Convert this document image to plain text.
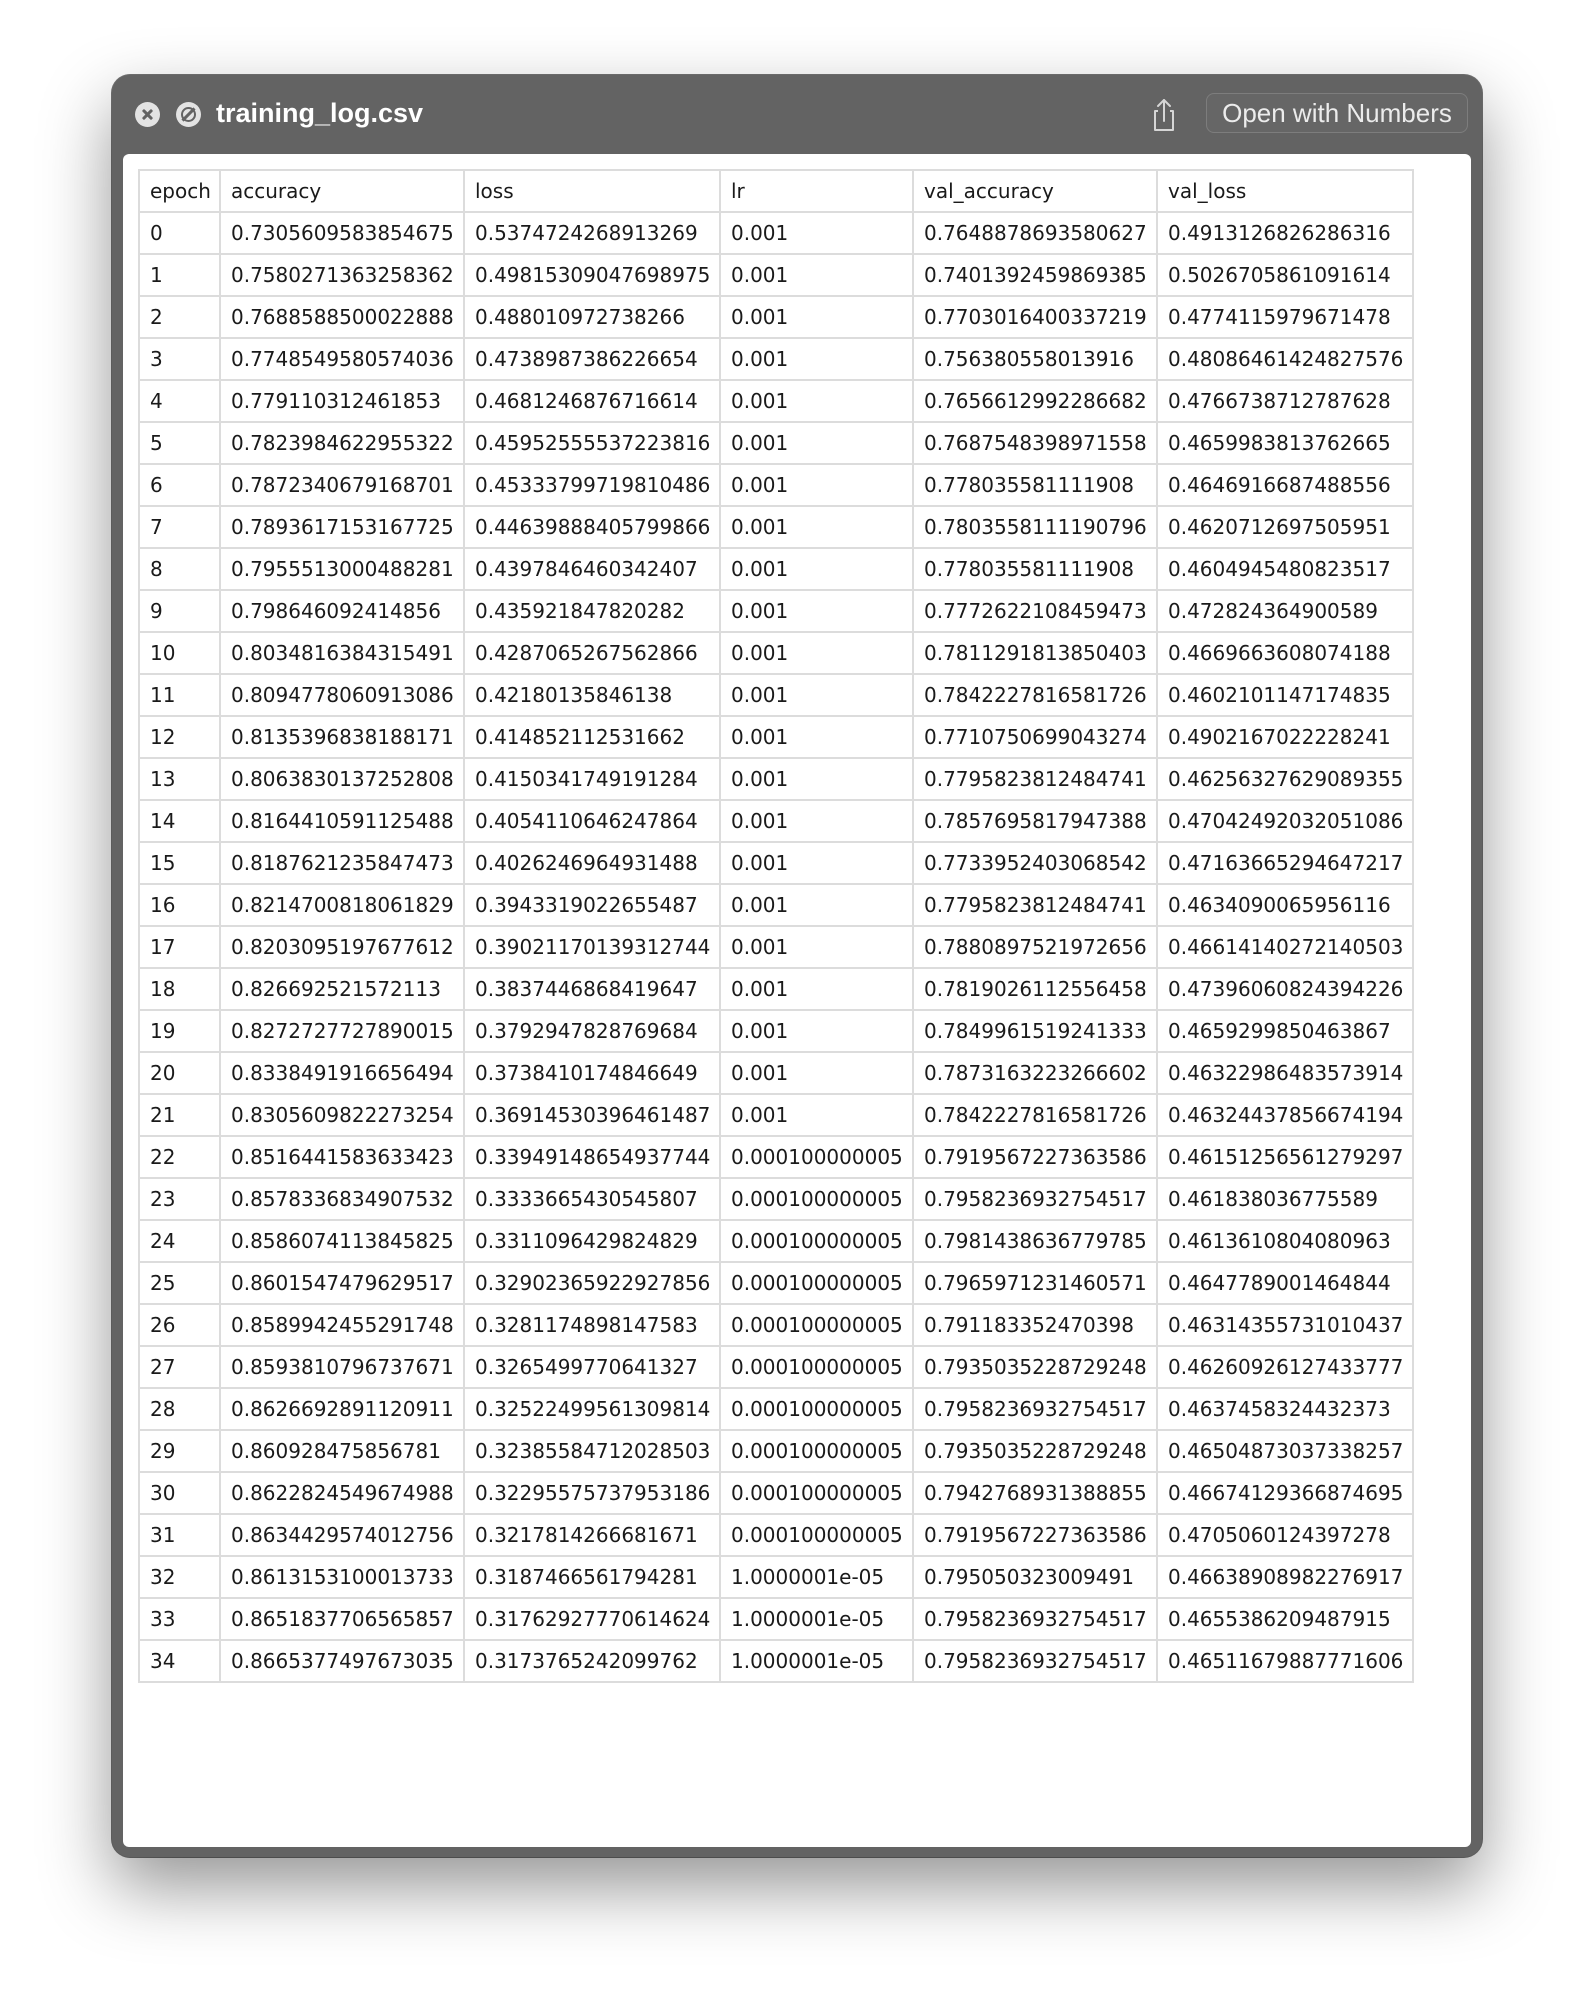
training_log.csv	Open with Numbers
epoch	accuracy	loss	lr	val_accuracy	val_loss
0	0.7305609583854675	0.5374724268913269	0.001	0.7648878693580627	0.4913126826286316
1	0.7580271363258362	0.49815309047698975	0.001	0.7401392459869385	0.5026705861091614
2	0.7688588500022888	0.488010972738266	0.001	0.7703016400337219	0.4774115979671478
3	0.7748549580574036	0.4738987386226654	0.001	0.756380558013916	0.48086461424827576
4	0.779110312461853	0.4681246876716614	0.001	0.7656612992286682	0.4766738712787628
5	0.7823984622955322	0.45952555537223816	0.001	0.7687548398971558	0.4659983813762665
6	0.7872340679168701	0.45333799719810486	0.001	0.778035581111908	0.4646916687488556
7	0.7893617153167725	0.44639888405799866	0.001	0.7803558111190796	0.4620712697505951
8	0.7955513000488281	0.4397846460342407	0.001	0.778035581111908	0.4604945480823517
9	0.798646092414856	0.435921847820282	0.001	0.7772622108459473	0.472824364900589
10	0.8034816384315491	0.4287065267562866	0.001	0.7811291813850403	0.4669663608074188
11	0.8094778060913086	0.42180135846138	0.001	0.7842227816581726	0.4602101147174835
12	0.8135396838188171	0.414852112531662	0.001	0.7710750699043274	0.4902167022228241
13	0.8063830137252808	0.4150341749191284	0.001	0.7795823812484741	0.46256327629089355
14	0.8164410591125488	0.4054110646247864	0.001	0.7857695817947388	0.47042492032051086
15	0.8187621235847473	0.4026246964931488	0.001	0.7733952403068542	0.47163665294647217
16	0.8214700818061829	0.3943319022655487	0.001	0.7795823812484741	0.4634090065956116
17	0.8203095197677612	0.39021170139312744	0.001	0.7880897521972656	0.46614140272140503
18	0.826692521572113	0.3837446868419647	0.001	0.7819026112556458	0.47396060824394226
19	0.8272727727890015	0.3792947828769684	0.001	0.7849961519241333	0.4659299850463867
20	0.8338491916656494	0.3738410174846649	0.001	0.7873163223266602	0.46322986483573914
21	0.8305609822273254	0.36914530396461487	0.001	0.7842227816581726	0.46324437856674194
22	0.8516441583633423	0.33949148654937744	0.000100000005	0.7919567227363586	0.46151256561279297
23	0.8578336834907532	0.3333665430545807	0.000100000005	0.7958236932754517	0.461838036775589
24	0.8586074113845825	0.3311096429824829	0.000100000005	0.7981438636779785	0.4613610804080963
25	0.8601547479629517	0.32902365922927856	0.000100000005	0.7965971231460571	0.4647789001464844
26	0.8589942455291748	0.3281174898147583	0.000100000005	0.791183352470398	0.46314355731010437
27	0.8593810796737671	0.3265499770641327	0.000100000005	0.7935035228729248	0.46260926127433777
28	0.8626692891120911	0.32522499561309814	0.000100000005	0.7958236932754517	0.4637458324432373
29	0.860928475856781	0.32385584712028503	0.000100000005	0.7935035228729248	0.46504873037338257
30	0.8622824549674988	0.32295575737953186	0.000100000005	0.7942768931388855	0.46674129366874695
31	0.8634429574012756	0.3217814266681671	0.000100000005	0.7919567227363586	0.4705060124397278
32	0.8613153100013733	0.3187466561794281	1.0000001e-05	0.795050323009491	0.46638908982276917
33	0.8651837706565857	0.31762927770614624	1.0000001e-05	0.7958236932754517	0.4655386209487915
34	0.8665377497673035	0.3173765242099762	1.0000001e-05	0.7958236932754517	0.46511679887771606
